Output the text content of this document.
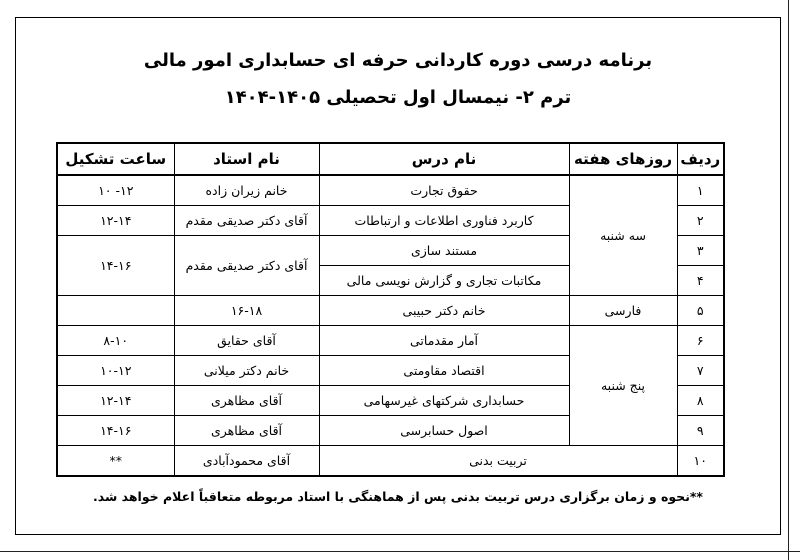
برنامه درسی دوره کاردانی حرفه ای حسابداری امور مالی
ترم ۲- نیمسال اول تحصیلی ۱۴۰۵-۱۴۰۴
ردیف	روزهای هفته	نام درس	نام استاد	ساعت تشکیل
۱	سه شنبه	حقوق تجارت	خانم زیران زاده	۱۲- ۱۰
۲		کاربرد فناوری اطلاعات و ارتباطات	آقای دکتر صدیقی مقدم	۱۲-۱۴
۳		مستند سازی	آقای دکتر صدیقی مقدم	۱۴-۱۶
۴		مکاتبات تجاری و گزارش نویسی مالی		
۵	فارسی	خانم دکتر حبیبی	۱۶-۱۸	
۶	پنج شنبه	آمار مقدماتی	آقای حقایق	۸-۱۰
۷		اقتصاد مقاومتی	خانم دکتر میلانی	۱۰-۱۲
۸		حسابداری شرکتهای غیرسهامی	آقای مظاهری	۱۲-۱۴
۹		اصول حسابرسی	آقای مظاهری	۱۴-۱۶
۱۰	تربیت بدنی		آقای محمودآبادی	**
**نحوه و زمان برگزاری درس تربیت بدنی پس از هماهنگی با استاد مربوطه متعاقباً اعلام خواهد شد.
